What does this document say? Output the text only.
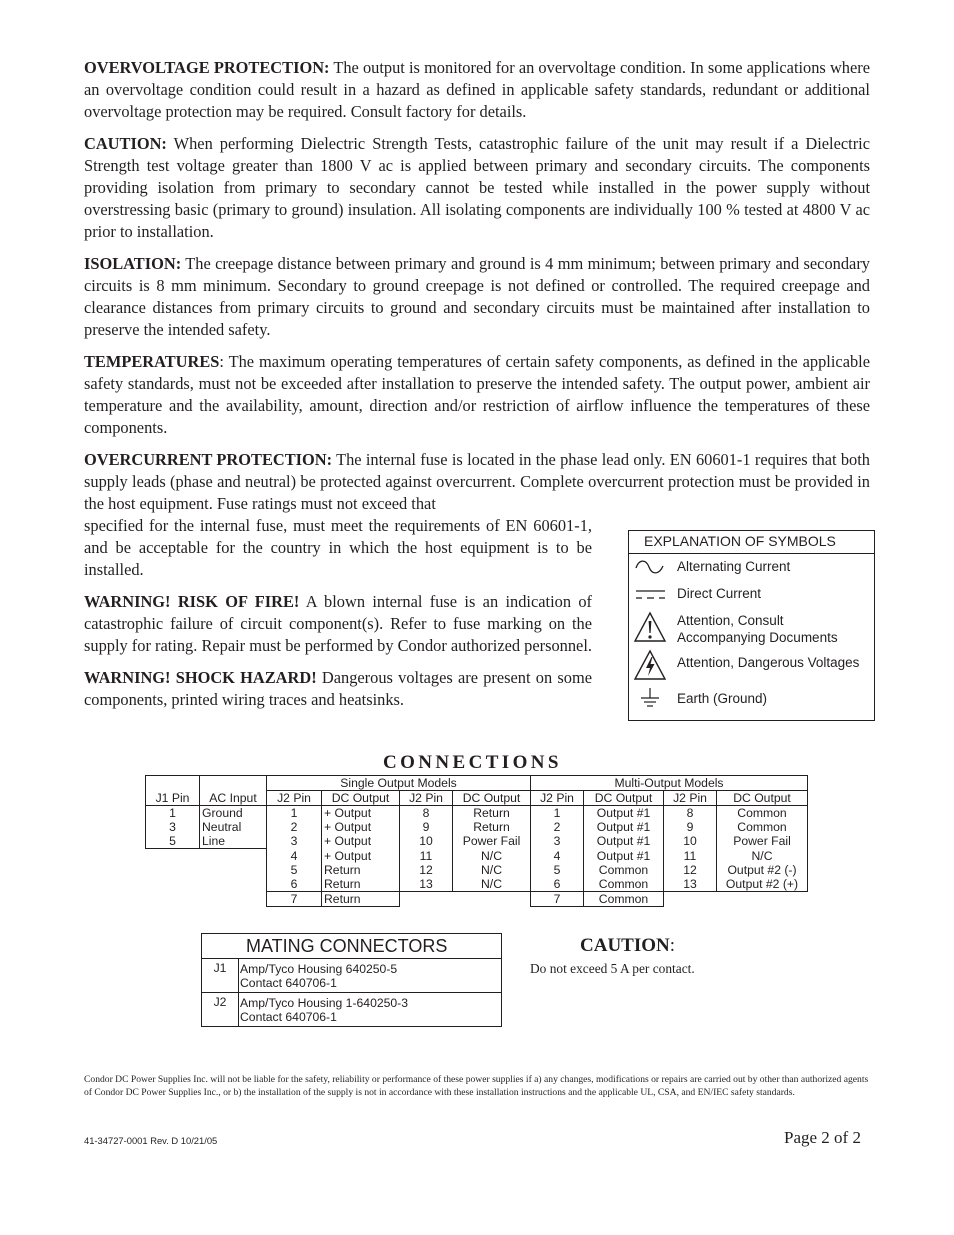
OVERVOLTAGE PROTECTION: The output is monitored for an overvoltage condition. In some applications where an overvoltage condition could result in a hazard as defined in applicable safety standards, redundant or additional overvoltage protection may be required. Consult factory for details.

CAUTION: When performing Dielectric Strength Tests, catastrophic failure of the unit may result if a Dielectric Strength test voltage greater than 1800 V ac is applied between primary and secondary circuits. The components providing isolation from primary to secondary cannot be tested while installed in the power supply without overstressing basic (primary to ground) insulation. All isolating components are individually 100 % tested at 4800 V ac prior to installation.

ISOLATION: The creepage distance between primary and ground is 4 mm minimum; between primary and secondary circuits is 8 mm minimum. Secondary to ground creepage is not defined or controlled. The required creepage and clearance distances from primary circuits to ground and secondary circuits must be maintained after installation to preserve the intended safety.

TEMPERATURES: The maximum operating temperatures of certain safety components, as defined in the applicable safety standards, must not be exceeded after installation to preserve the intended safety. The output power, ambient air temperature and the availability, amount, direction and/or restriction of airflow influence the temperatures of these components.

OVERCURRENT PROTECTION: The internal fuse is located in the phase lead only. EN 60601-1 requires that both supply leads (phase and neutral) be protected against overcurrent. Complete overcurrent protection must be provided in the host equipment. Fuse ratings must not exceed that

specified for the internal fuse, must meet the requirements of EN 60601-1, and be acceptable for the country in which the host equipment is to be installed.

WARNING! RISK OF FIRE! A blown internal fuse is an indication of catastrophic failure of circuit component(s). Refer to fuse marking on the supply for rating. Repair must be performed by Condor authorized personnel.

WARNING! SHOCK HAZARD! Dangerous voltages are present on some components, printed wiring traces and heatsinks.

EXPLANATION OF SYMBOLS
Alternating Current
Direct Current
Attention, Consult
Accompanying Documents
Attention, Dangerous Voltages
Earth (Ground)
CONNECTIONS
		Single Output Models				Multi-Output Models			
J1 Pin	AC Input	J2 Pin	DC Output	J2 Pin	DC Output	J2 Pin	DC Output	J2 Pin	DC Output
1	Ground	1	+ Output	8	Return	1	Output #1	8	Common
3	Neutral	2	+ Output	9	Return	2	Output #1	9	Common
5	Line	3	+ Output	10	Power Fail	3	Output #1	10	Power Fail
		4	+ Output	11	N/C	4	Output #1	11	N/C
		5	Return	12	N/C	5	Common	12	Output #2 (-)
		6	Return	13	N/C	6	Common	13	Output #2 (+)
		7	Return			7	Common		
MATING CONNECTORS
J1	Amp/Tyco Housing 640250-5
Contact 640706-1
J2	Amp/Tyco Housing 1-640250-3
Contact 640706-1
CAUTION:
Do not exceed 5 A per contact.
Condor DC Power Supplies Inc. will not be liable for the safety, reliability or performance of these power supplies if a) any changes, modifications or repairs are carried out by other than authorized agents of Condor DC Power Supplies Inc., or b) the installation of the supply is not in accordance with these installation instructions and the applicable UL, CSA, and EN/IEC safety standards.
41-34727-0001 Rev. D 10/21/05	Page 2 of 2
